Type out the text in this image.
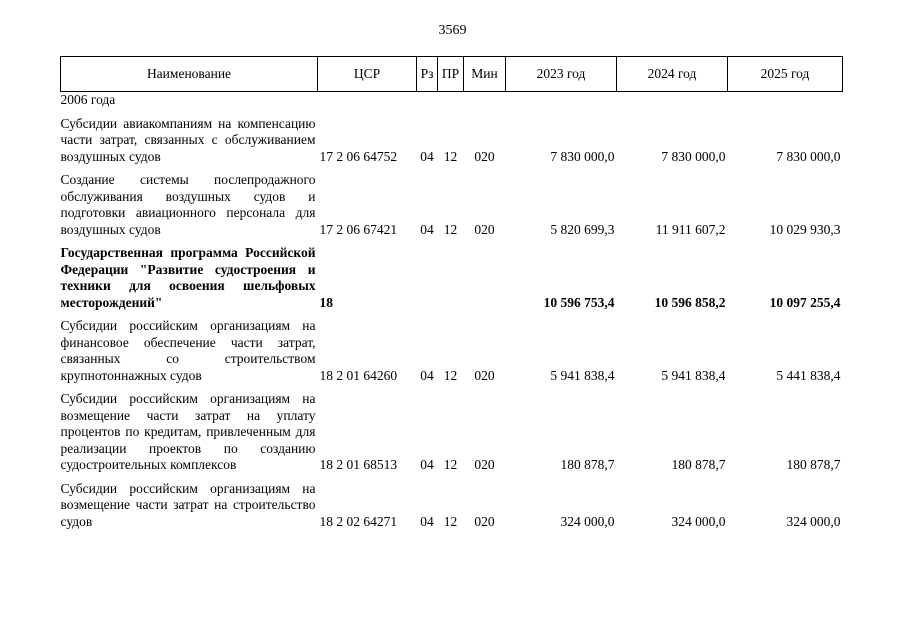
3569
Наименование	ЦСР	Рз	ПР	Мин	2023 год	2024 год	2025 год
2006 года							

Субсидии авиакомпаниям на компенсацию части затрат, связанных с обслуживанием воздушных судов	17 2 06 64752	04	12	020	7 830 000,0	7 830 000,0	7 830 000,0

Создание системы послепродажного обслуживания воздушных судов и подготовки авиационного персонала для воздушных судов	17 2 06 67421	04	12	020	5 820 699,3	11 911 607,2	10 029 930,3

Государственная программа Российской Федерации "Развитие судостроения и техники для освоения шельфовых месторождений"	18				10 596 753,4	10 596 858,2	10 097 255,4

Субсидии российским организациям на финансовое обеспечение части затрат, связанных со строительством крупнотоннажных судов	18 2 01 64260	04	12	020	5 941 838,4	5 941 838,4	5 441 838,4

Субсидии российским организациям на возмещение части затрат на уплату процентов по кредитам, привлеченным для реализации проектов по созданию судостроительных комплексов	18 2 01 68513	04	12	020	180 878,7	180 878,7	180 878,7

Субсидии российским организациям на возмещение части затрат на строительство судов	18 2 02 64271	04	12	020	324 000,0	324 000,0	324 000,0
